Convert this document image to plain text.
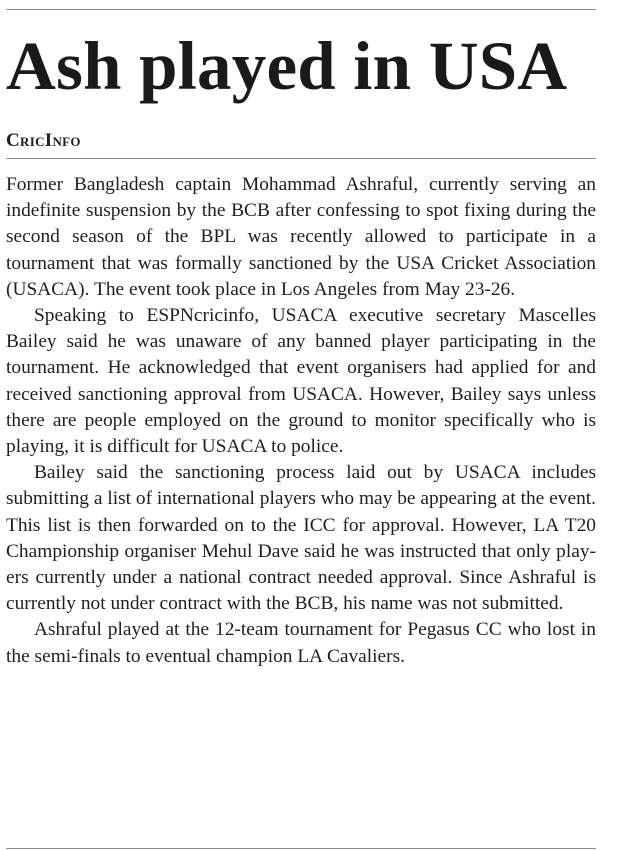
Ash played in USA
CricInfo

Former Bangladesh captain Mohammad Ashraful, currently serving an indefinite suspension by the BCB after confessing to spot fixing during the second season of the BPL was recently allowed to participate in a tournament that was formally sanctioned by the USA Cricket Association (USACA). The event took place in Los Angeles from May 23-26.

Speaking to ESPNcricinfo, USACA executive secretary Mascelles Bailey said he was unaware of any banned player participating in the tournament. He acknowledged that event organisers had applied for and received sanctioning approval from USACA. However, Bailey says unless there are people employed on the ground to monitor specifically who is playing, it is difficult for USACA to police.

Bailey said the sanctioning process laid out by USACA includes submitting a list of international players who may be appearing at the event. This list is then forwarded on to the ICC for approval. However, LA T20 Championship organiser Mehul Dave said he was instructed that only players currently under a national contract needed approval. Since Ashraful is currently not under contract with the BCB, his name was not submitted.

Ashraful played at the 12-team tournament for Pegasus CC who lost in the semi-finals to eventual champion LA Cavaliers.
